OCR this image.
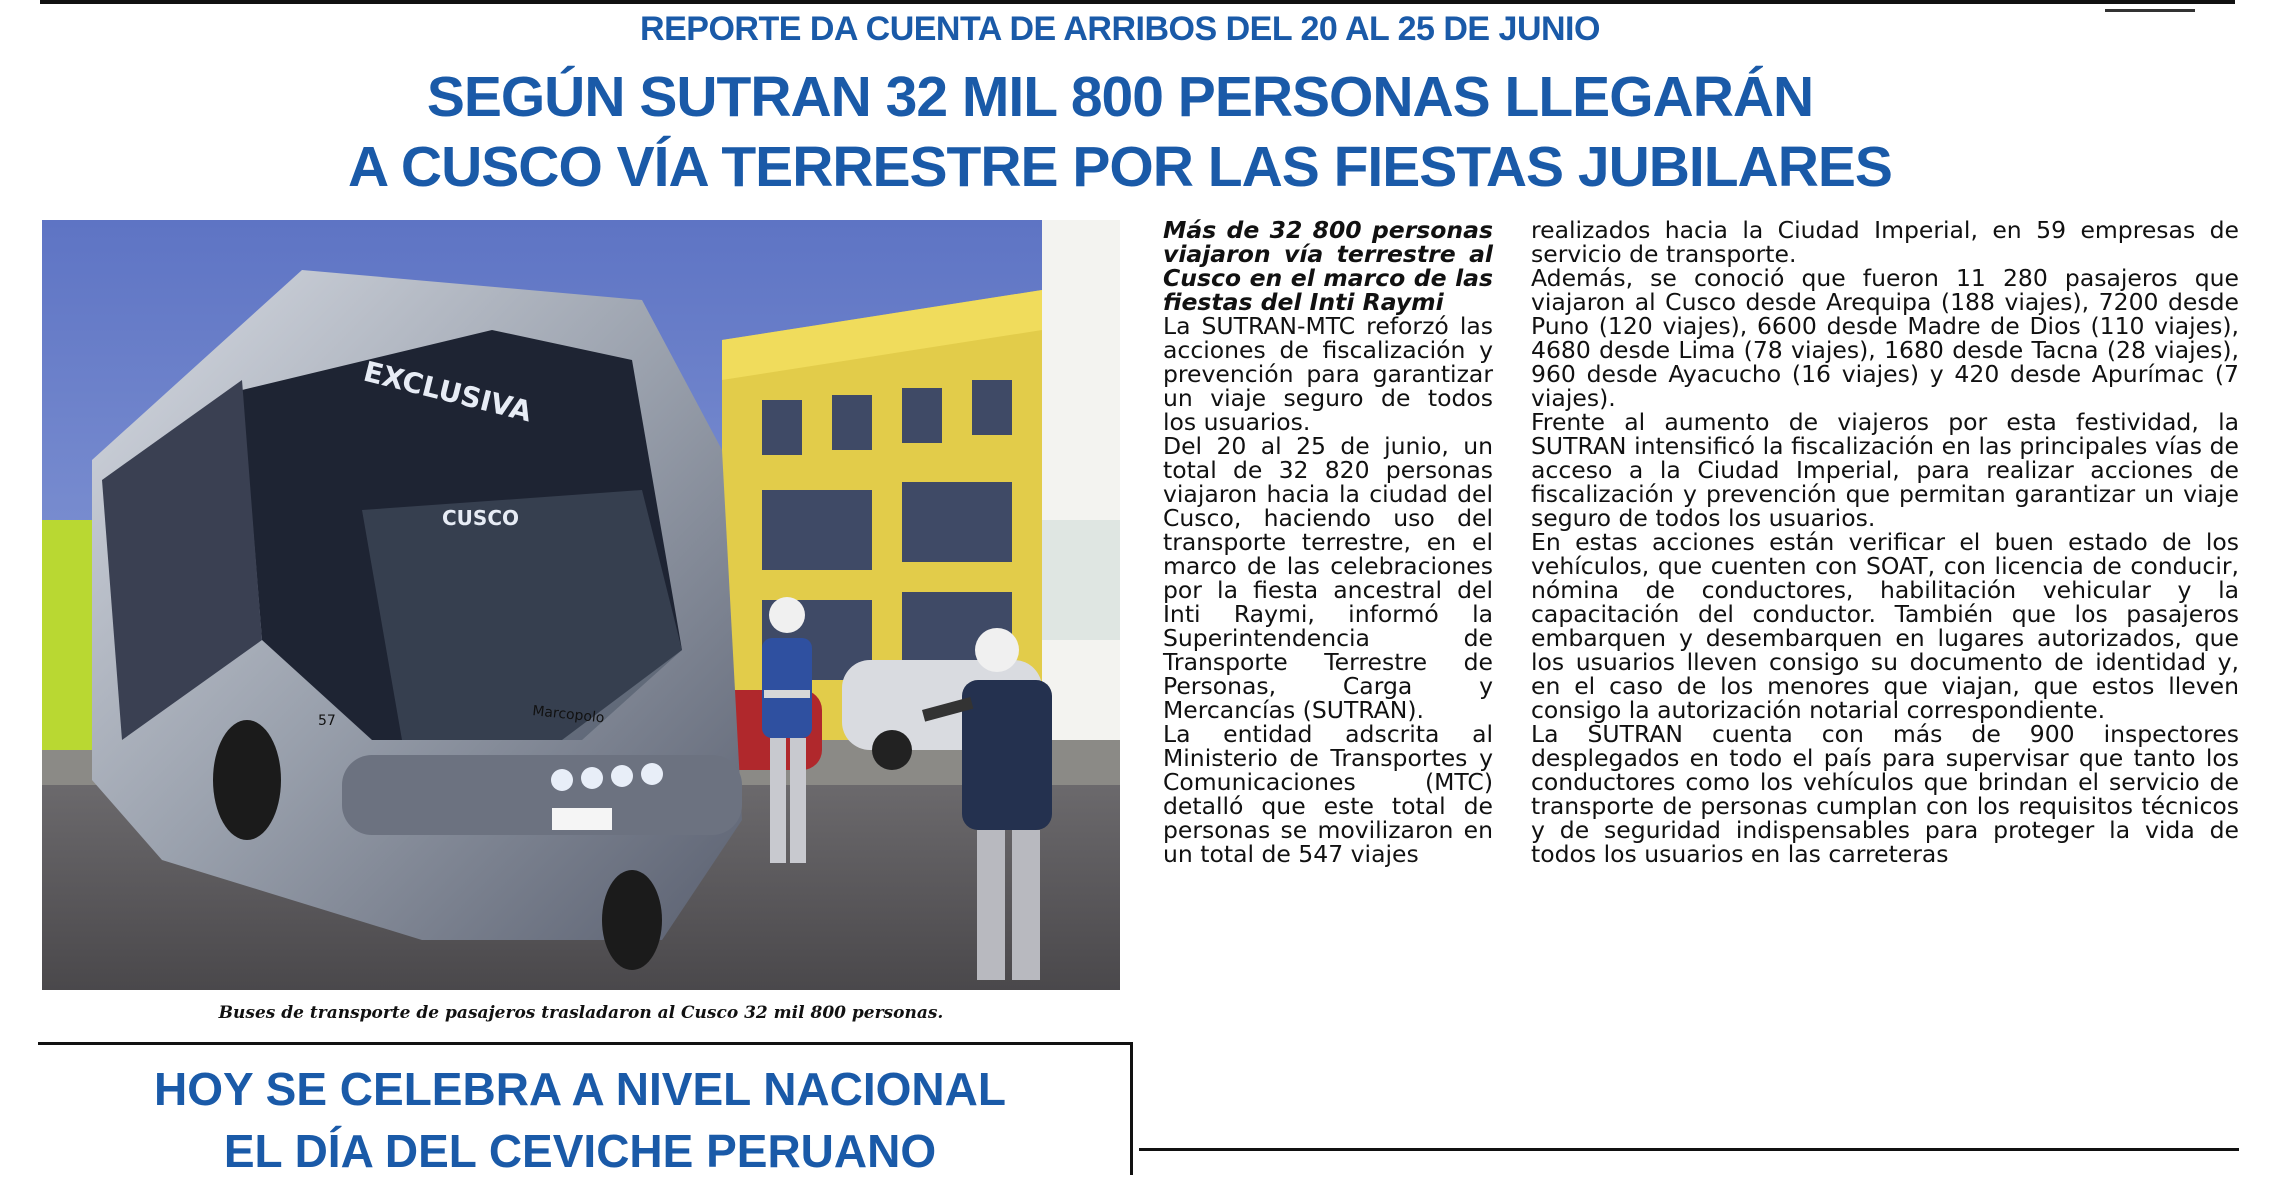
REPORTE DA CUENTA DE ARRIBOS DEL 20 AL 25 DE JUNIO
SEGÚN SUTRAN 32 MIL 800 PERSONAS LLEGARÁN
A CUSCO VÍA TERRESTRE POR LAS FIESTAS JUBILARES
EXCLUSIVA
CUSCO
Marcopolo
57
Buses de transporte de pasajeros trasladaron al Cusco 32 mil 800 personas.
HOY SE CELEBRA A NIVEL NACIONAL
EL DÍA DEL CEVICHE PERUANO

Más de 32 800 personas viajaron vía terrestre al Cusco en el marco de las fiestas del Inti Raymi

La SUTRAN-MTC reforzó las acciones de fiscalización y prevención para garantizar un viaje seguro de todos los usuarios.

Del 20 al 25 de junio, un total de 32 820 personas viajaron hacia la ciudad del Cusco, haciendo uso del transporte terrestre, en el marco de las celebraciones por la fiesta ancestral del Inti Raymi, informó la Superintendencia de Transporte Terrestre de Personas, Carga y Mercancías (SUTRAN).

La entidad adscrita al Ministerio de Transportes y Comunicaciones (MTC) detalló que este total de personas se movilizaron en un total de 547 viajes

realizados hacia la Ciudad Imperial, en 59 empresas de servicio de transporte.

Además, se conoció que fueron 11 280 pasajeros que viajaron al Cusco desde Arequipa (188 viajes), 7200 desde Puno (120 viajes), 6600 desde Madre de Dios (110 viajes), 4680 desde Lima (78 viajes), 1680 desde Tacna (28 viajes), 960 desde Ayacucho (16 viajes) y 420 desde Apurímac (7 viajes).

Frente al aumento de viajeros por esta festividad, la SUTRAN intensificó la fiscalización en las principales vías de acceso a la Ciudad Imperial, para realizar acciones de fiscalización y prevención que permitan garantizar un viaje seguro de todos los usuarios.

En estas acciones están verificar el buen estado de los vehículos, que cuenten con SOAT, con licencia de conducir, nómina de conductores, habilitación vehicular y la capacitación del conductor. También que los pasajeros embarquen y desembarquen en lugares autorizados, que los usuarios lleven consigo su documento de identidad y, en el caso de los menores que viajan, que estos lleven consigo la autorización notarial correspondiente.

La SUTRAN cuenta con más de 900 inspectores desplegados en todo el país para supervisar que tanto los conductores como los vehículos que brindan el servicio de transporte de personas cumplan con los requisitos técnicos y de seguridad indispensables para proteger la vida de todos los usuarios en las carreteras
